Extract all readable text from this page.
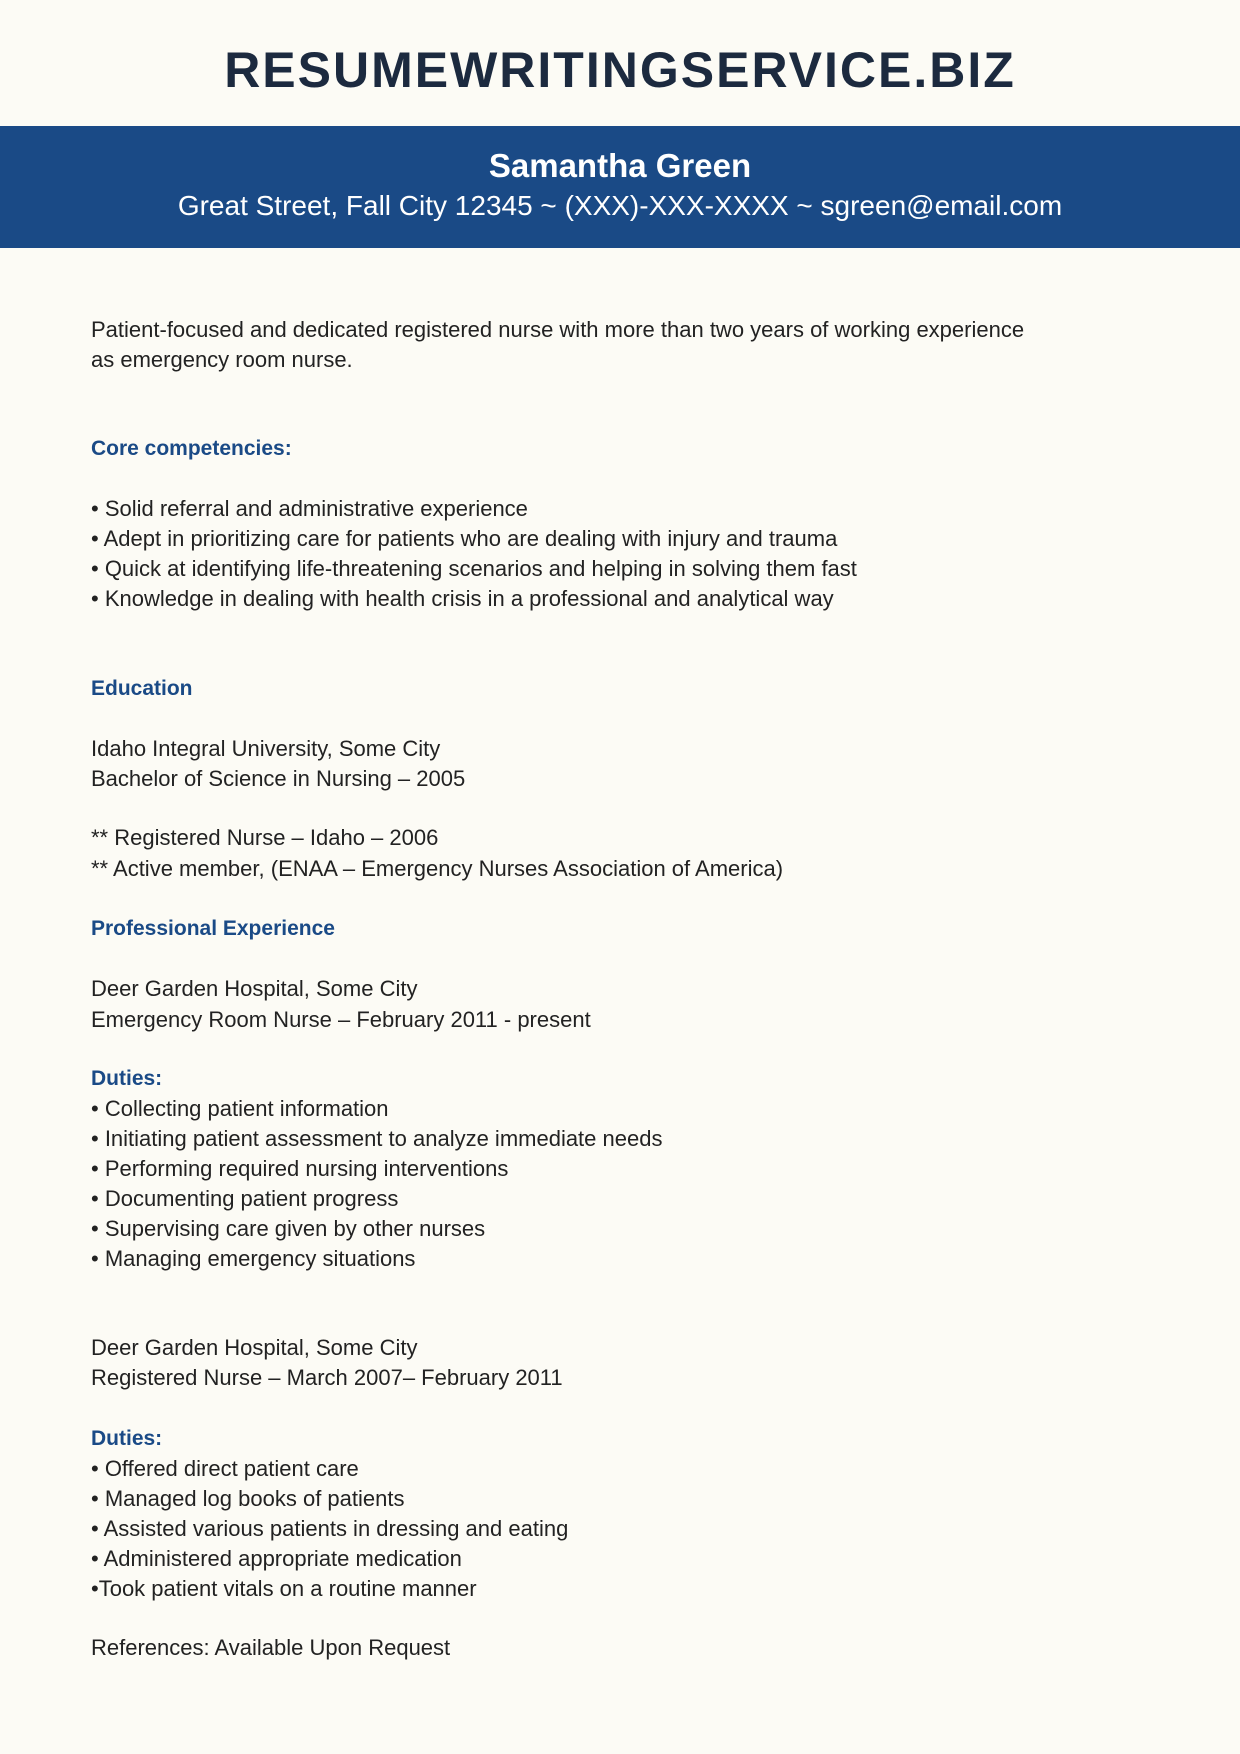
RESUMEWRITINGSERVICE.BIZ
Samantha Green
Great Street, Fall City 12345 ~ (XXX)-XXX-XXXX ~ sgreen@email.com
Patient-focused and dedicated registered nurse with more than two years of working experience
as emergency room nurse.
Core competencies:
• Solid referral and administrative experience
• Adept in prioritizing care for patients who are dealing with injury and trauma
• Quick at identifying life-threatening scenarios and helping in solving them fast
• Knowledge in dealing with health crisis in a professional and analytical way
Education
Idaho Integral University, Some City
Bachelor of Science in Nursing – 2005
** Registered Nurse – Idaho – 2006
** Active member, (ENAA – Emergency Nurses Association of America)
Professional Experience
Deer Garden Hospital, Some City
Emergency Room Nurse – February 2011 - present
Duties:
• Collecting patient information
• Initiating patient assessment to analyze immediate needs
• Performing required nursing interventions
• Documenting patient progress
• Supervising care given by other nurses
• Managing emergency situations
Deer Garden Hospital, Some City
Registered Nurse – March 2007– February 2011
Duties:
• Offered direct patient care
• Managed log books of patients
• Assisted various patients in dressing and eating
• Administered appropriate medication
•Took patient vitals on a routine manner
References: Available Upon Request
